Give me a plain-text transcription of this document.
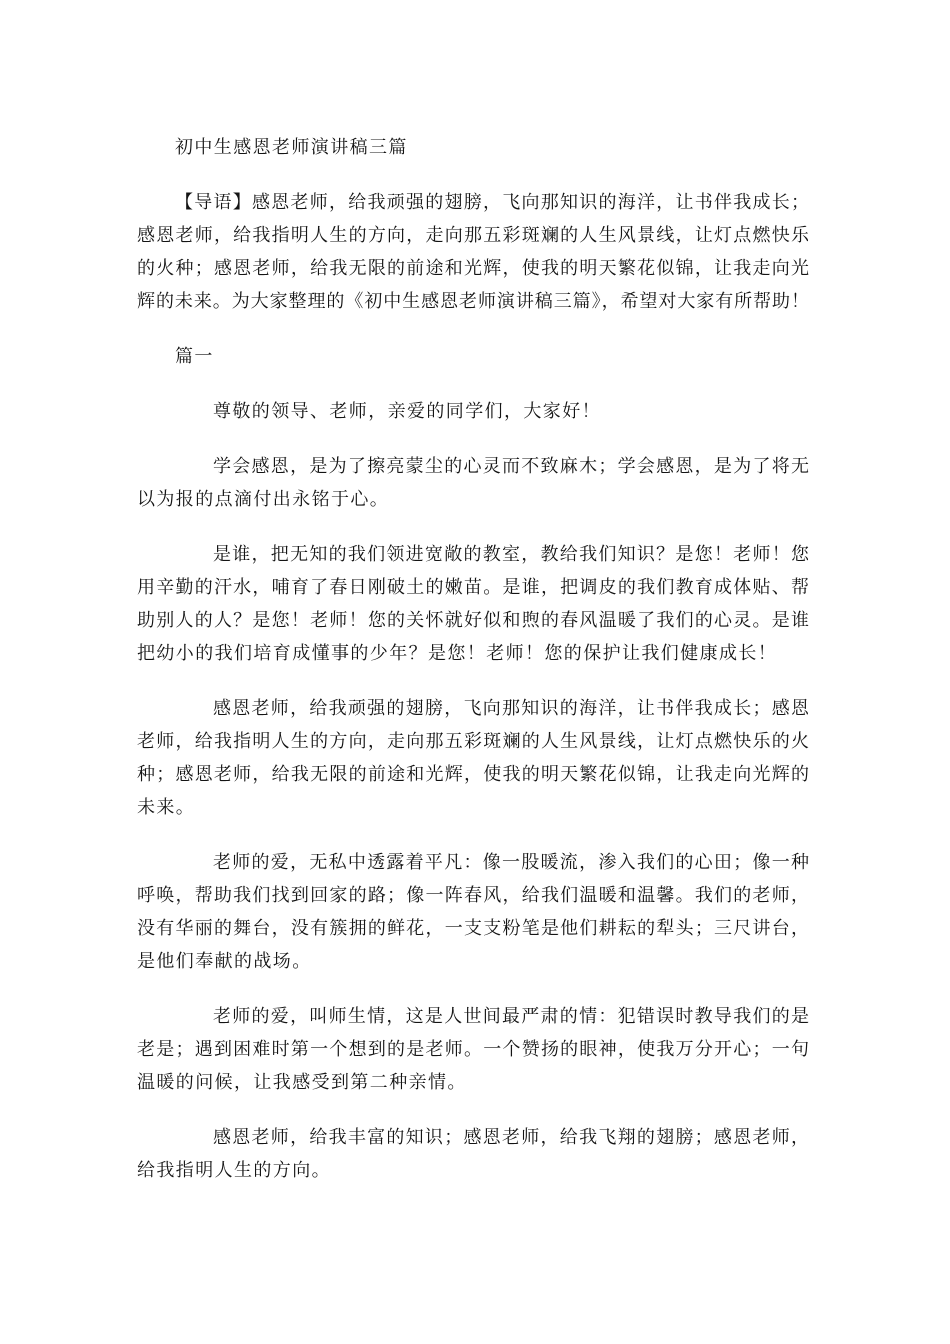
初中生感恩老师演讲稿三篇
【导语】感恩老师，给我顽强的翅膀，飞向那知识的海洋，让书伴我成长；
感恩老师，给我指明人生的方向，走向那五彩斑斓的人生风景线，让灯点燃快乐
的火种；感恩老师，给我无限的前途和光辉，使我的明天繁花似锦，让我走向光
辉的未来。为大家整理的《初中生感恩老师演讲稿三篇》，希望对大家有所帮助！
篇一
尊敬的领导、老师，亲爱的同学们，大家好！
学会感恩，是为了擦亮蒙尘的心灵而不致麻木；学会感恩，是为了将无
以为报的点滴付出永铭于心。
是谁，把无知的我们领进宽敞的教室，教给我们知识？是您！老师！您
用辛勤的汗水，哺育了春日刚破土的嫩苗。是谁，把调皮的我们教育成体贴、帮
助别人的人？是您！老师！您的关怀就好似和煦的春风温暖了我们的心灵。是谁
把幼小的我们培育成懂事的少年？是您！老师！您的保护让我们健康成长！
感恩老师，给我顽强的翅膀，飞向那知识的海洋，让书伴我成长；感恩
老师，给我指明人生的方向，走向那五彩斑斓的人生风景线，让灯点燃快乐的火
种；感恩老师，给我无限的前途和光辉，使我的明天繁花似锦，让我走向光辉的
未来。
老师的爱，无私中透露着平凡：像一股暖流，渗入我们的心田；像一种
呼唤，帮助我们找到回家的路；像一阵春风，给我们温暖和温馨。我们的老师，
没有华丽的舞台，没有簇拥的鲜花，一支支粉笔是他们耕耘的犁头；三尺讲台，
是他们奉献的战场。
老师的爱，叫师生情，这是人世间最严肃的情：犯错误时教导我们的是
老是；遇到困难时第一个想到的是老师。一个赞扬的眼神，使我万分开心；一句
温暖的问候，让我感受到第二种亲情。
感恩老师，给我丰富的知识；感恩老师，给我飞翔的翅膀；感恩老师，
给我指明人生的方向。
